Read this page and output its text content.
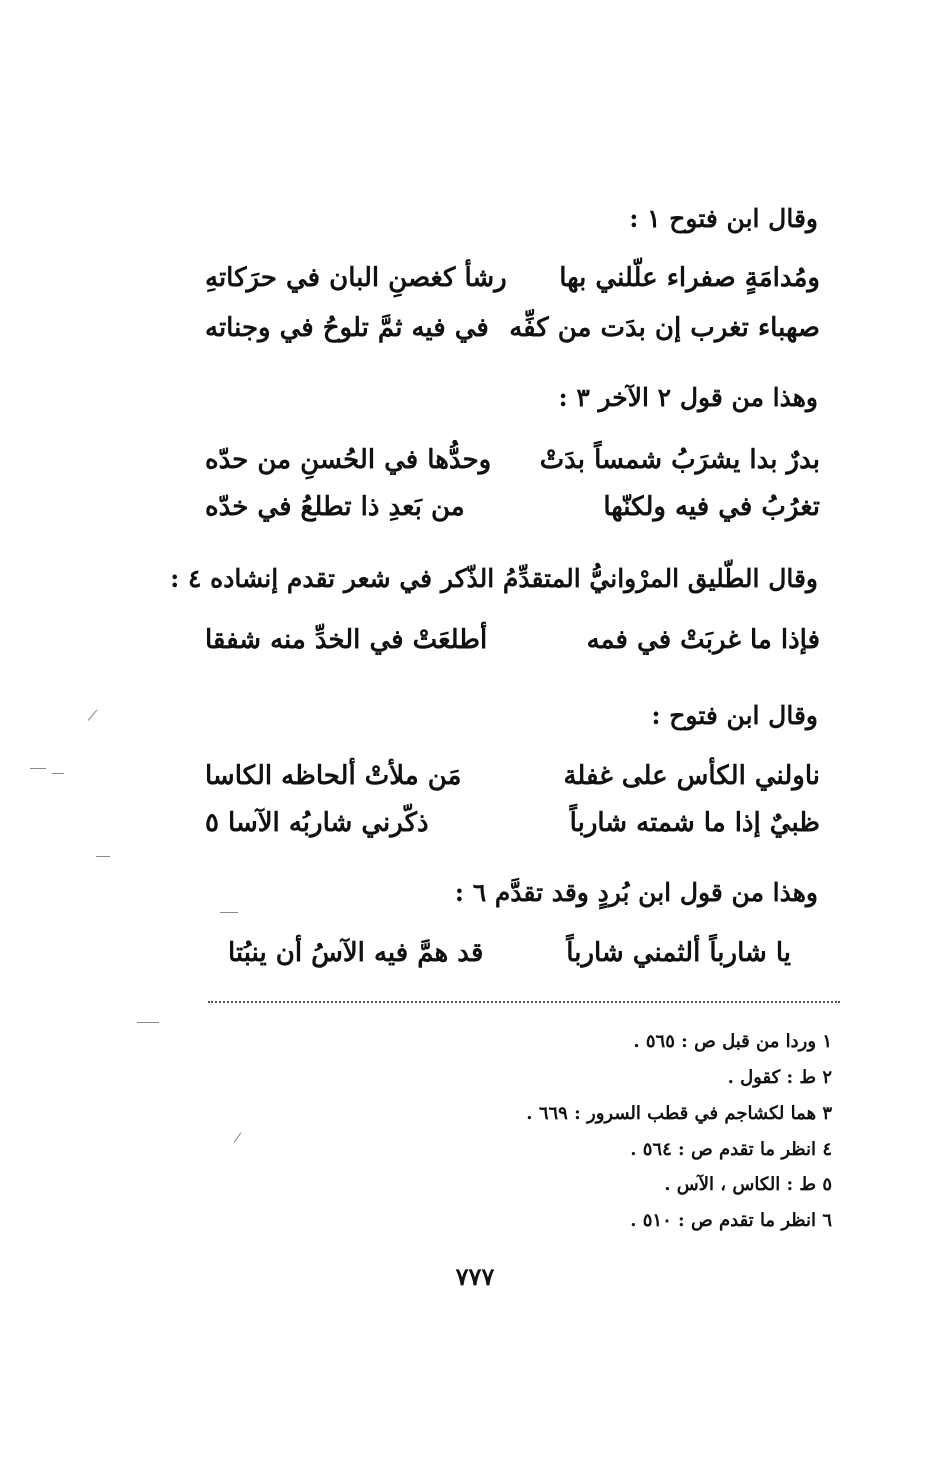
وقال ابن فتوح ١ :
ومُدامَةٍ صفراء علّلني بها
رشأ كغصنِ البان في حرَكاتهِ
صهباء تغرب إن بدَت من كفِّه
في فيه ثمَّ تلوحُ في وجناته
وهذا من قول ٢ الآخر ٣ :
بدرٌ بدا يشرَبُ شمساً بدَتْ
وحدُّها في الحُسنِ من حدّه
تغرُبُ في فيه ولكنّها
من بَعدِ ذا تطلعُ في خدّه
وقال الطّليق المرْوانيُّ المتقدِّمُ الذّكر في شعر تقدم إنشاده ٤ :
فإذا ما غربَتْ في فمه
أطلعَتْ في الخدِّ منه شفقا
وقال ابن فتوح :
ناولني الكأس على غفلة
مَن ملأتْ ألحاظه الكاسا
ظبيٌ إذا ما شمته شارباً
ذكّرني شاربُه الآسا ٥
وهذا من قول ابن بُردٍ وقد تقدَّم ٦ :
يا شارباً ألثمني شارباً
قد همَّ فيه الآسُ أن ينبُتا
١ وردا من قبل ص : ٥٦٥ .
٢ ط : كقول .
٣ هما لكشاجم في قطب السرور : ٦٦٩ .
٤ انظر ما تقدم ص : ٥٦٤ .
٥ ط : الكاس ، الآس .
٦ انظر ما تقدم ص : ٥١٠ .
٧٧٧
